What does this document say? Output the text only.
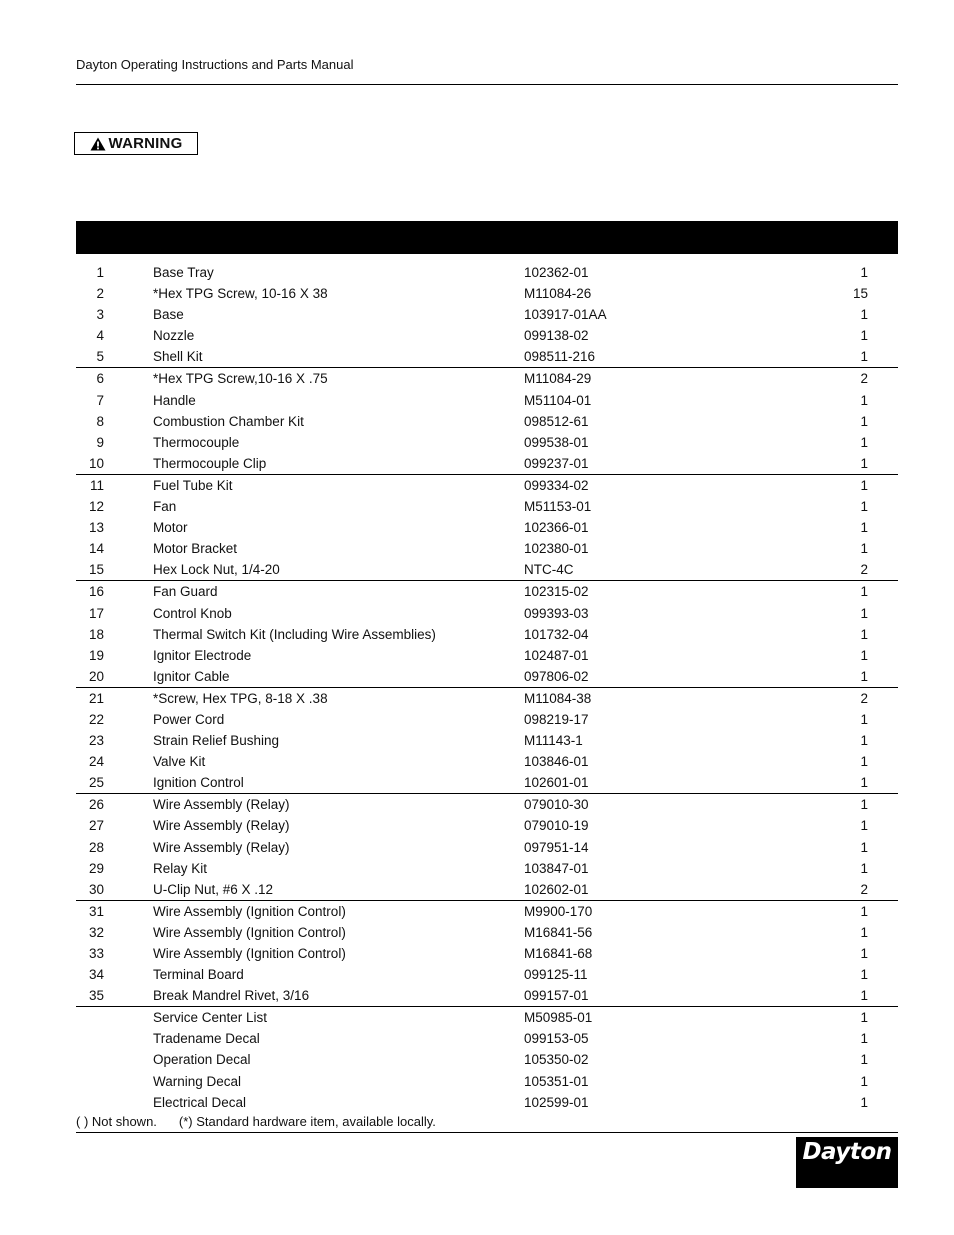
Dayton Operating Instructions and Parts Manual
WARNING
1	Base Tray	102362-01	1
2	*Hex TPG Screw, 10-16 X 38	M11084-26	15
3	Base	103917-01AA	1
4	Nozzle	099138-02	1
5	Shell Kit	098511-216	1
6	*Hex TPG Screw,10-16 X .75	M11084-29	2
7	Handle	M51104-01	1
8	Combustion Chamber Kit	098512-61	1
9	Thermocouple	099538-01	1
10	Thermocouple Clip	099237-01	1
11	Fuel Tube Kit	099334-02	1
12	Fan	M51153-01	1
13	Motor	102366-01	1
14	Motor Bracket	102380-01	1
15	Hex Lock Nut, 1/4-20	NTC-4C	2
16	Fan Guard	102315-02	1
17	Control Knob	099393-03	1
18	Thermal Switch Kit (Including Wire Assemblies)	101732-04	1
19	Ignitor Electrode	102487-01	1
20	Ignitor Cable	097806-02	1
21	*Screw, Hex TPG, 8-18 X .38	M11084-38	2
22	Power Cord	098219-17	1
23	Strain Relief Bushing	M11143-1	1
24	Valve Kit	103846-01	1
25	Ignition Control	102601-01	1
26	Wire Assembly (Relay)	079010-30	1
27	Wire Assembly (Relay)	079010-19	1
28	Wire Assembly (Relay)	097951-14	1
29	Relay Kit	103847-01	1
30	U-Clip Nut, #6 X .12	102602-01	2
31	Wire Assembly (Ignition Control)	M9900-170	1
32	Wire Assembly (Ignition Control)	M16841-56	1
33	Wire Assembly (Ignition Control)	M16841-68	1
34	Terminal Board	099125-11	1
35	Break Mandrel Rivet, 3/16	099157-01	1
Service Center List	M50985-01	1
Tradename Decal	099153-05	1
Operation Decal	105350-02	1
Warning Decal	105351-01	1
Electrical Decal	102599-01	1
( ) Not shown. (*) Standard hardware item, available locally.
Dayton
